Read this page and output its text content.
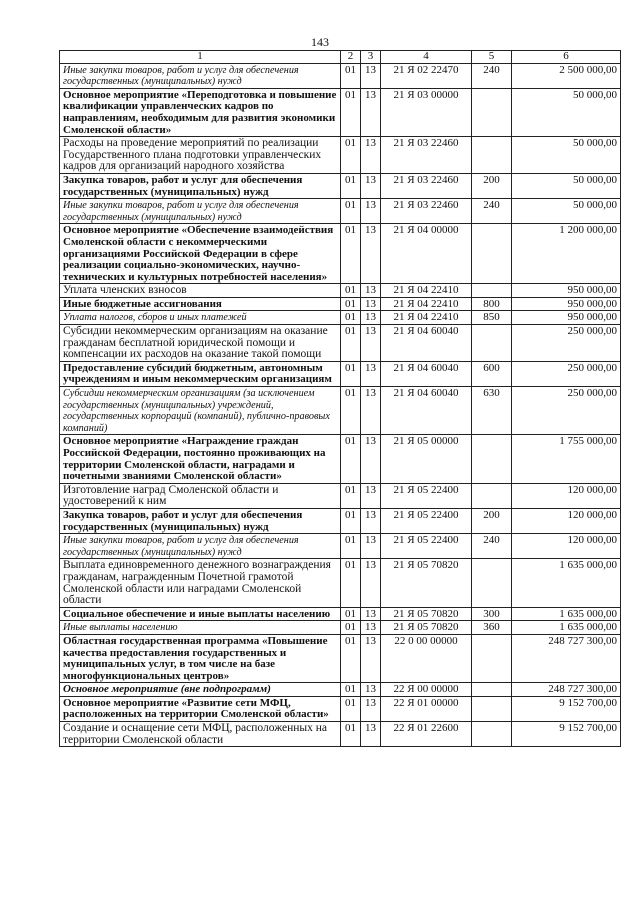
143
1	2	3	4	5	6
Иные закупки товаров, работ и услуг для обеспечения государственных (муниципальных) нужд	01	13	21 Я 02 22470	240	2 500 000,00
Основное мероприятие «Переподготовка и повышение квалификации управленческих кадров по направлениям, необходимым для развития экономики Смоленской области»	01	13	21 Я 03 00000		50 000,00
Расходы на проведение мероприятий по реализации Государственного плана подготовки управленческих кадров для организаций народного хозяйства	01	13	21 Я 03 22460		50 000,00
Закупка товаров, работ и услуг для обеспечения государственных (муниципальных) нужд	01	13	21 Я 03 22460	200	50 000,00
Иные закупки товаров, работ и услуг для обеспечения государственных (муниципальных) нужд	01	13	21 Я 03 22460	240	50 000,00
Основное мероприятие «Обеспечение взаимодействия Смоленской области с некоммерческими организациями Российской Федерации в сфере реализации социально-экономических, научно-технических и культурных потребностей населения»	01	13	21 Я 04 00000		1 200 000,00
Уплата членских взносов	01	13	21 Я 04 22410		950 000,00
Иные бюджетные ассигнования	01	13	21 Я 04 22410	800	950 000,00
Уплата налогов, сборов и иных платежей	01	13	21 Я 04 22410	850	950 000,00
Субсидии некоммерческим организациям на оказание гражданам бесплатной юридической помощи и компенсации их расходов на оказание такой помощи	01	13	21 Я 04 60040		250 000,00
Предоставление субсидий бюджетным, автономным учреждениям и иным некоммерческим организациям	01	13	21 Я 04 60040	600	250 000,00
Субсидии некоммерческим организациям (за исключением государственных (муниципальных) учреждений, государственных корпораций (компаний), публично-правовых компаний)	01	13	21 Я 04 60040	630	250 000,00
Основное мероприятие «Награждение граждан Российской Федерации, постоянно проживающих на территории Смоленской области, наградами и почетными званиями Смоленской области»	01	13	21 Я 05 00000		1 755 000,00
Изготовление наград Смоленской области и удостоверений к ним	01	13	21 Я 05 22400		120 000,00
Закупка товаров, работ и услуг для обеспечения государственных (муниципальных) нужд	01	13	21 Я 05 22400	200	120 000,00
Иные закупки товаров, работ и услуг для обеспечения государственных (муниципальных) нужд	01	13	21 Я 05 22400	240	120 000,00
Выплата единовременного денежного вознаграждения гражданам, награжденным Почетной грамотой Смоленской области или наградами Смоленской области	01	13	21 Я 05 70820		1 635 000,00
Социальное обеспечение и иные выплаты населению	01	13	21 Я 05 70820	300	1 635 000,00
Иные выплаты населению	01	13	21 Я 05 70820	360	1 635 000,00
Областная государственная программа «Повышение качества предоставления государственных и муниципальных услуг, в том числе на базе многофункциональных центров»	01	13	22 0 00 00000		248 727 300,00
Основное мероприятие (вне подпрограмм)	01	13	22 Я 00 00000		248 727 300,00
Основное мероприятие «Развитие сети МФЦ, расположенных на территории Смоленской области»	01	13	22 Я 01 00000		9 152 700,00
Создание и оснащение сети МФЦ, расположенных на территории Смоленской области	01	13	22 Я 01 22600		9 152 700,00
